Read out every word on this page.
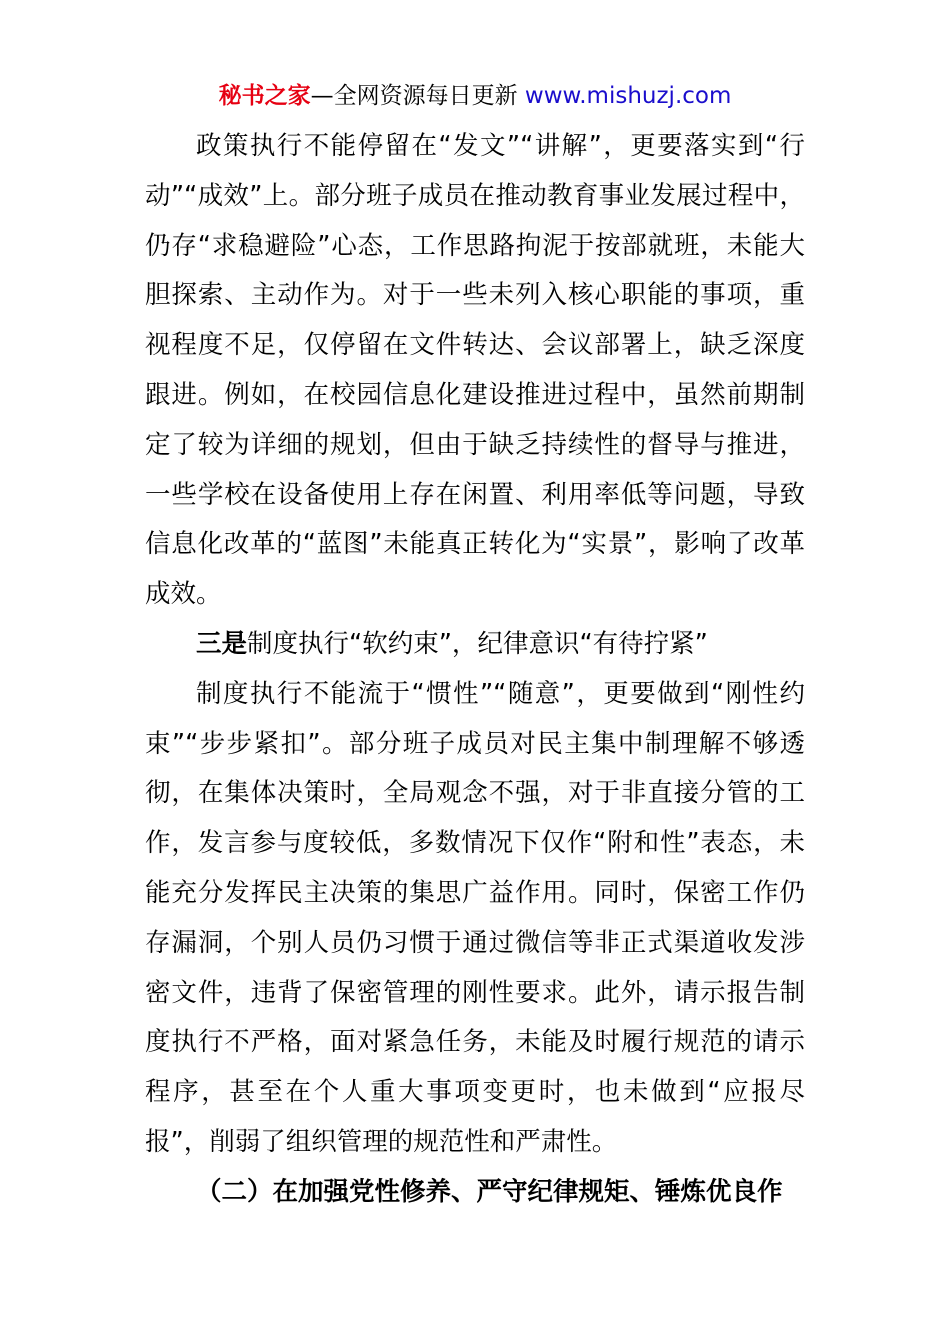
秘书之家—全网资源每日更新 www.mishuzj.com

政策执行不能停留在“发文”“讲解”，更要落实到“行动”“成效”上。部分班子成员在推动教育事业发展过程中，仍存“求稳避险”心态，工作思路拘泥于按部就班，未能大胆探索、主动作为。对于一些未列入核心职能的事项，重视程度不足，仅停留在文件转达、会议部署上，缺乏深度跟进。例如，在校园信息化建设推进过程中，虽然前期制定了较为详细的规划，但由于缺乏持续性的督导与推进，一些学校在设备使用上存在闲置、利用率低等问题，导致信息化改革的“蓝图”未能真正转化为“实景”，影响了改革成效。

三是制度执行“软约束”，纪律意识“有待拧紧”

制度执行不能流于“惯性”“随意”，更要做到“刚性约束”“步步紧扣”。部分班子成员对民主集中制理解不够透彻，在集体决策时，全局观念不强，对于非直接分管的工作，发言参与度较低，多数情况下仅作“附和性”表态，未能充分发挥民主决策的集思广益作用。同时，保密工作仍存漏洞，个别人员仍习惯于通过微信等非正式渠道收发涉密文件，违背了保密管理的刚性要求。此外，请示报告制度执行不严格，面对紧急任务，未能及时履行规范的请示程序，甚至在个人重大事项变更时，也未做到“应报尽报”，削弱了组织管理的规范性和严肃性。

（二）在加强党性修养、严守纪律规矩、锤炼优良作
